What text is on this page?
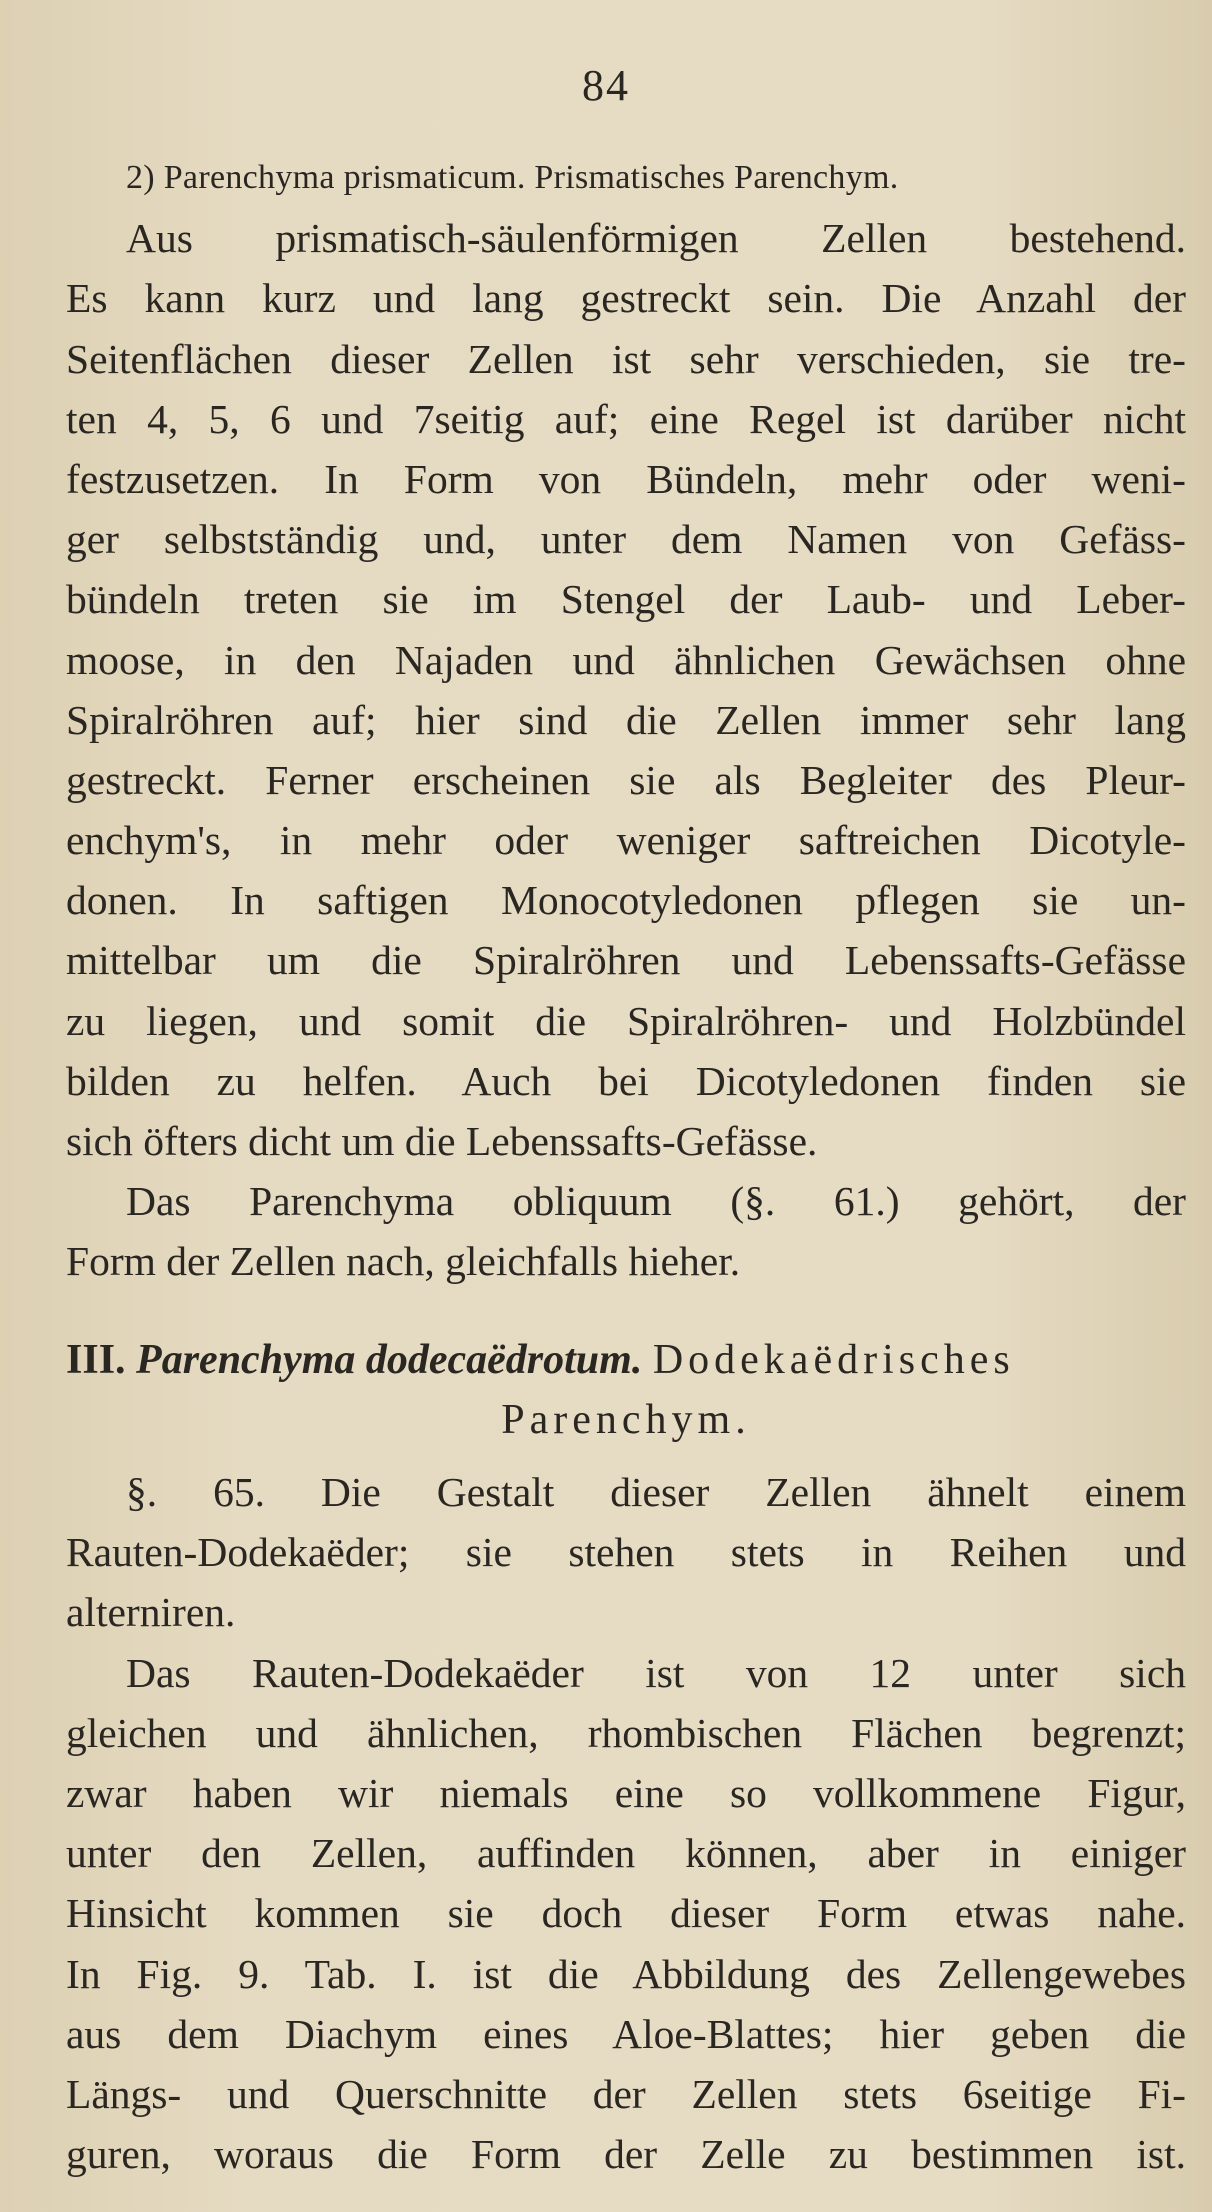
84
2) Parenchyma prismaticum. Prismatisches Parenchym.
Aus prismatisch-säulenförmigen Zellen bestehend.
Es kann kurz und lang gestreckt sein. Die Anzahl der
Seitenflächen dieser Zellen ist sehr verschieden, sie tre-
ten 4, 5, 6 und 7seitig auf; eine Regel ist darüber nicht
festzusetzen. In Form von Bündeln, mehr oder weni-
ger selbstständig und, unter dem Namen von Gefäss-
bündeln treten sie im Stengel der Laub- und Leber-
moose, in den Najaden und ähnlichen Gewächsen ohne
Spiralröhren auf; hier sind die Zellen immer sehr lang
gestreckt. Ferner erscheinen sie als Begleiter des Pleur-
enchym's, in mehr oder weniger saftreichen Dicotyle-
donen. In saftigen Monocotyledonen pflegen sie un-
mittelbar um die Spiralröhren und Lebenssafts-Gefässe
zu liegen, und somit die Spiralröhren- und Holzbündel
bilden zu helfen. Auch bei Dicotyledonen finden sie
sich öfters dicht um die Lebenssafts-Gefässe.
Das Parenchyma obliquum (§. 61.) gehört, der
Form der Zellen nach, gleichfalls hieher.
III. Parenchyma dodecaëdrotum. Dodekaëdrisches
Parenchym.
§. 65. Die Gestalt dieser Zellen ähnelt einem
Rauten-Dodekaëder; sie stehen stets in Reihen und
alterniren.
Das Rauten-Dodekaëder ist von 12 unter sich
gleichen und ähnlichen, rhombischen Flächen begrenzt;
zwar haben wir niemals eine so vollkommene Figur,
unter den Zellen, auffinden können, aber in einiger
Hinsicht kommen sie doch dieser Form etwas nahe.
In Fig. 9. Tab. I. ist die Abbildung des Zellengewebes
aus dem Diachym eines Aloe-Blattes; hier geben die
Längs- und Querschnitte der Zellen stets 6seitige Fi-
guren, woraus die Form der Zelle zu bestimmen ist.
